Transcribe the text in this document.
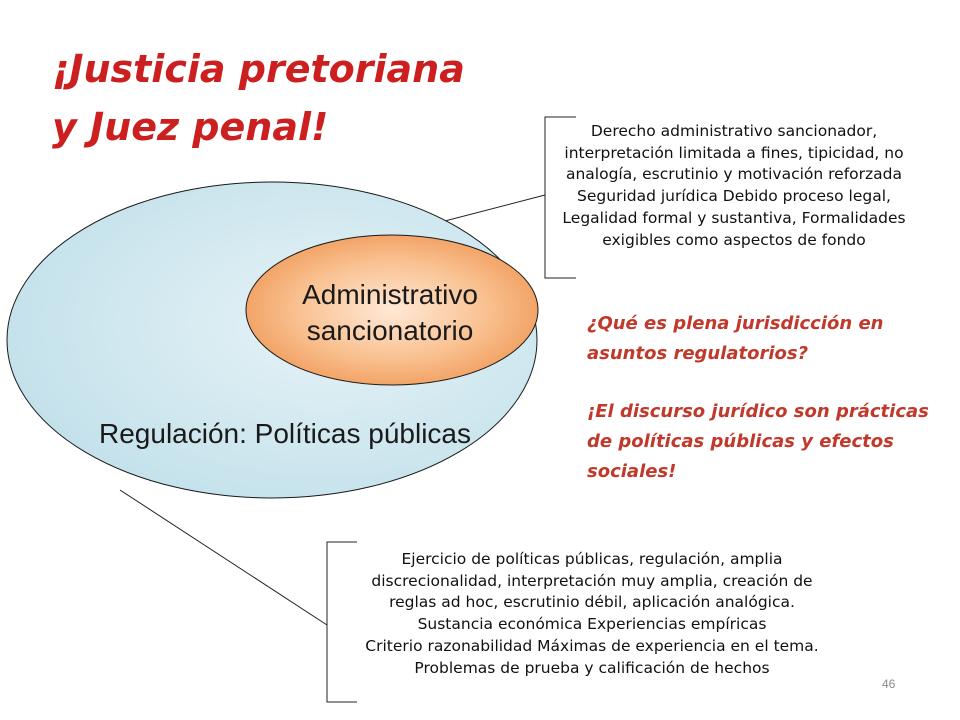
¡Justicia pretoriana
y Juez penal!
Administrativo
sancionatorio
Regulación: Políticas públicas
Derecho administrativo sancionador,
interpretación limitada a fines, tipicidad, no
analogía, escrutinio y motivación reforzada
Seguridad jurídica Debido proceso legal,
Legalidad formal y sustantiva, Formalidades
exigibles como aspectos de fondo
Ejercicio de políticas públicas, regulación, amplia
discrecionalidad, interpretación muy amplia, creación de
reglas ad hoc, escrutinio débil, aplicación analógica.
Sustancia económica Experiencias empíricas
Criterio razonabilidad Máximas de experiencia en el tema.
Problemas de prueba y calificación de hechos
¿Qué es plena jurisdicción en
asuntos regulatorios?
¡El discurso jurídico son prácticas
de políticas públicas y efectos
sociales!
46
